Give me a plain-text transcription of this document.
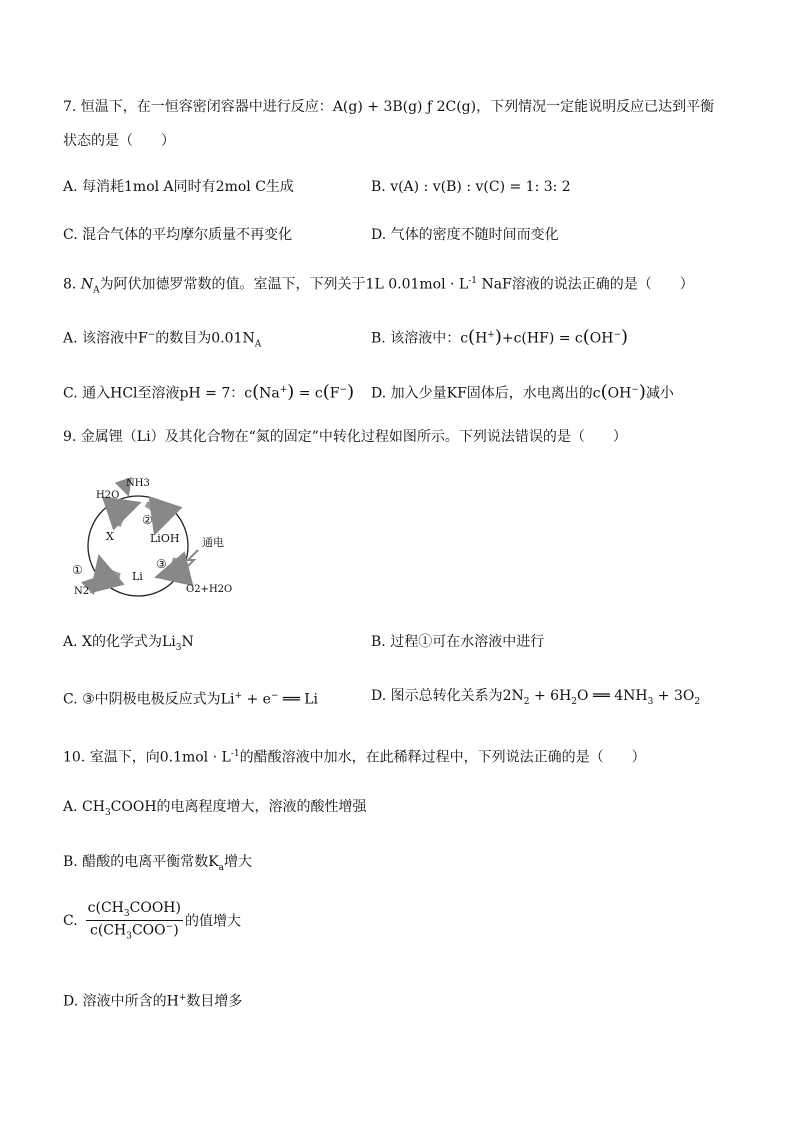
7. 恒温下，在一恒容密闭容器中进行反应：A(g) + 3B(g) ƒ 2C(g)，下列情况一定能说明反应已达到平衡
状态的是（　　）
A. 每消耗1mol A同时有2mol C生成	B. v(A) : v(B) : v(C) = 1: 3: 2
C. 混合气体的平均摩尔质量不再变化	D. 气体的密度不随时间而变化
8. $N_A$为阿伏加德罗常数的值。室温下，下列关于1L $0.01mol \cdot L^{-1}$ NaF溶液的说法正确的是（　　）
A. 该溶液中F−的数目为$0.01N_A$	B. 该溶液中：c(H+)+c(HF) = c(OH−)
C. 通入HCl至溶液pH = 7：c(Na+) = c(F−) D. 加入少量KF固体后，水电离出的c(OH−)减小
9. 金属锂（Li）及其化合物在“氮的固定”中转化过程如图所示。下列说法错误的是（　　）
NH3
H2O
②
X	LiOH 通电
①	Li
③
N2	O2+H2O
A. X的化学式为$Li_3N$	B. 过程①可在水溶液中进行
C. ③中阴极电极反应式为Li+ + e− ══ Li	D. 图示总转化关系为$2N_2 + 6H_2O$ ══ $4NH_3 + 3O_2$
10. 室温下，向$0.1mol \cdot L^{-1}$的醋酸溶液中加水，在此稀释过程中，下列说法正确的是（　　）
A. $CH_3COOH$的电离程度增大，溶液的酸性增强
B. 醋酸的电离平衡常数$K_a$增大
C. $\frac{c(CH_3COOH)}{c(CH_3COO^-)}$ 的值增大
D. 溶液中所含的H+数目增多
